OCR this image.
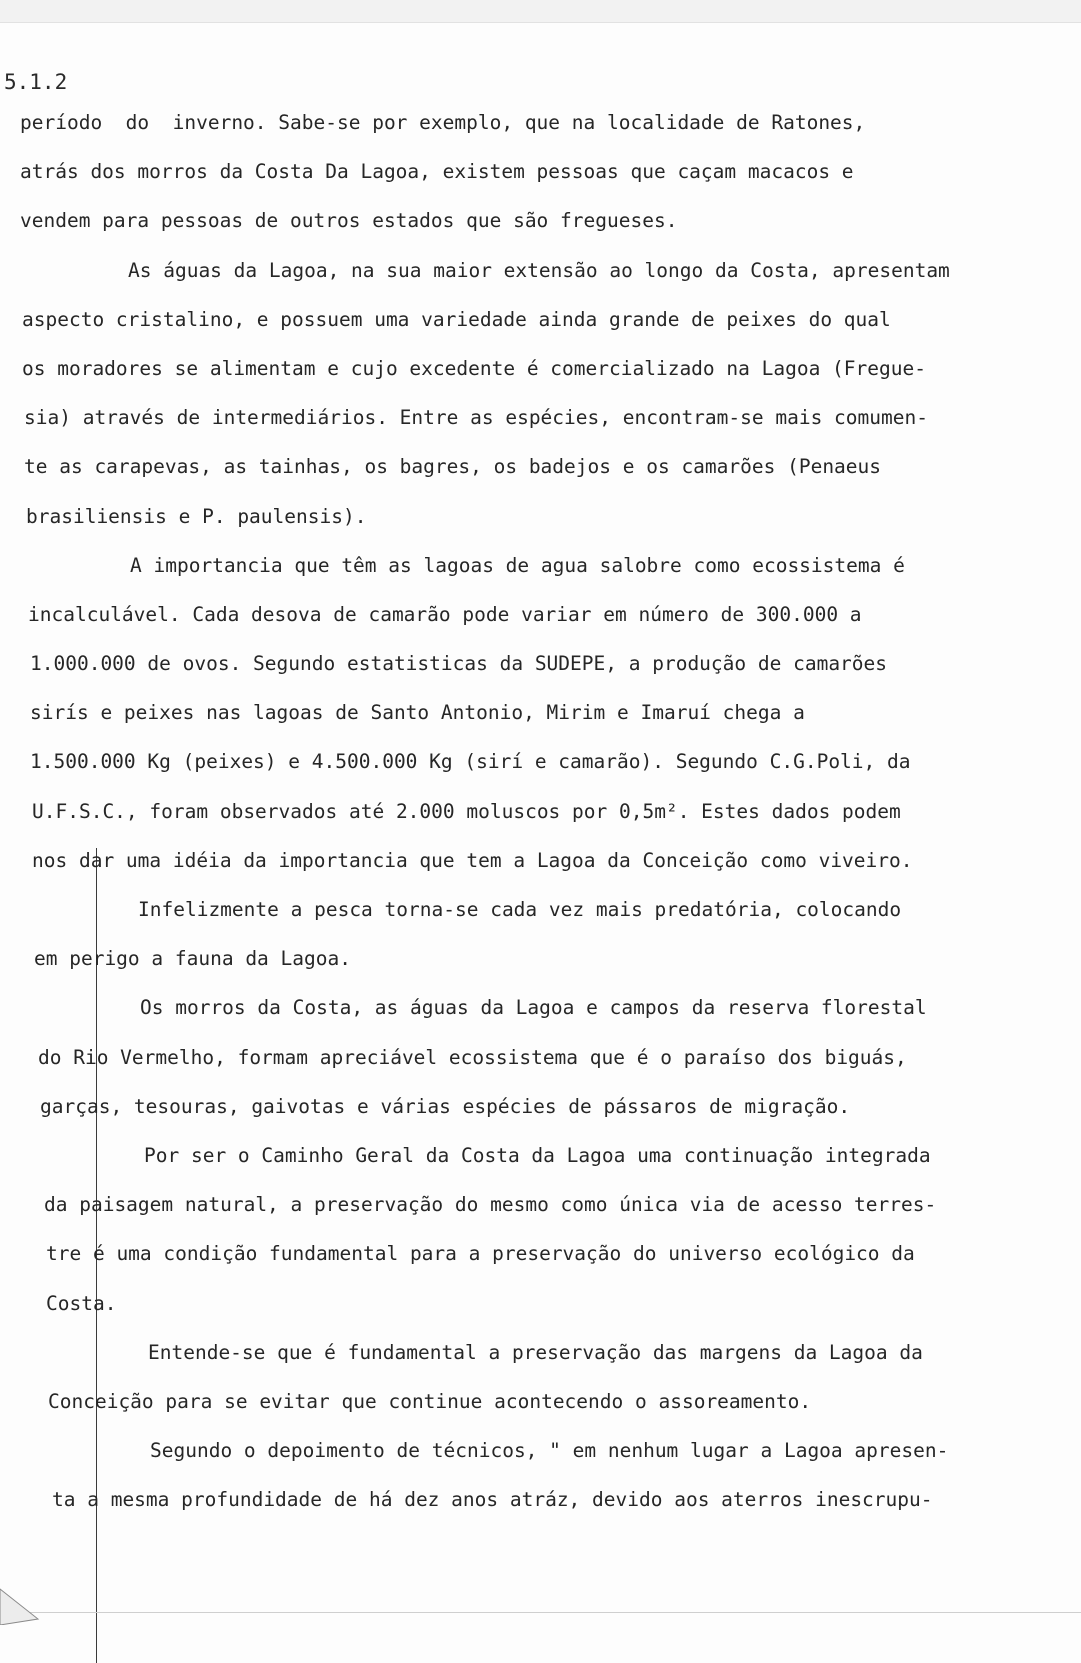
5.1.2

período  do  inverno. Sabe-se por exemplo, que na localidade de Ratones,
atrás dos morros da Costa Da Lagoa, existem pessoas que caçam macacos e
vendem para pessoas de outros estados que são fregueses.
As águas da Lagoa, na sua maior extensão ao longo da Costa, apresentam
aspecto cristalino, e possuem uma variedade ainda grande de peixes do qual
os moradores se alimentam e cujo excedente é comercializado na Lagoa (Fregue-
sia) através de intermediários. Entre as espécies, encontram-se mais comumen-
te as carapevas, as tainhas, os bagres, os badejos e os camarões (Penaeus
brasiliensis e P. paulensis).
A importancia que têm as lagoas de agua salobre como ecossistema é
incalculável. Cada desova de camarão pode variar em número de 300.000 a
1.000.000 de ovos. Segundo estatisticas da SUDEPE, a produção de camarões
sirís e peixes nas lagoas de Santo Antonio, Mirim e Imaruí chega a
1.500.000 Kg (peixes) e 4.500.000 Kg (sirí e camarão). Segundo C.G.Poli, da
U.F.S.C., foram observados até 2.000 moluscos por 0,5m². Estes dados podem
nos dar uma idéia da importancia que tem a Lagoa da Conceição como viveiro.
Infelizmente a pesca torna-se cada vez mais predatória, colocando
em perigo a fauna da Lagoa.
Os morros da Costa, as águas da Lagoa e campos da reserva florestal
do Rio Vermelho, formam apreciável ecossistema que é o paraíso dos biguás,
garças, tesouras, gaivotas e várias espécies de pássaros de migração.
Por ser o Caminho Geral da Costa da Lagoa uma continuação integrada
da paisagem natural, a preservação do mesmo como única via de acesso terres-
tre é uma condição fundamental para a preservação do universo ecológico da
Costa.
Entende-se que é fundamental a preservação das margens da Lagoa da
Conceição para se evitar que continue acontecendo o assoreamento.
Segundo o depoimento de técnicos, " em nenhum lugar a Lagoa apresen-
ta a mesma profundidade de há dez anos atráz, devido aos aterros inescrupu-
